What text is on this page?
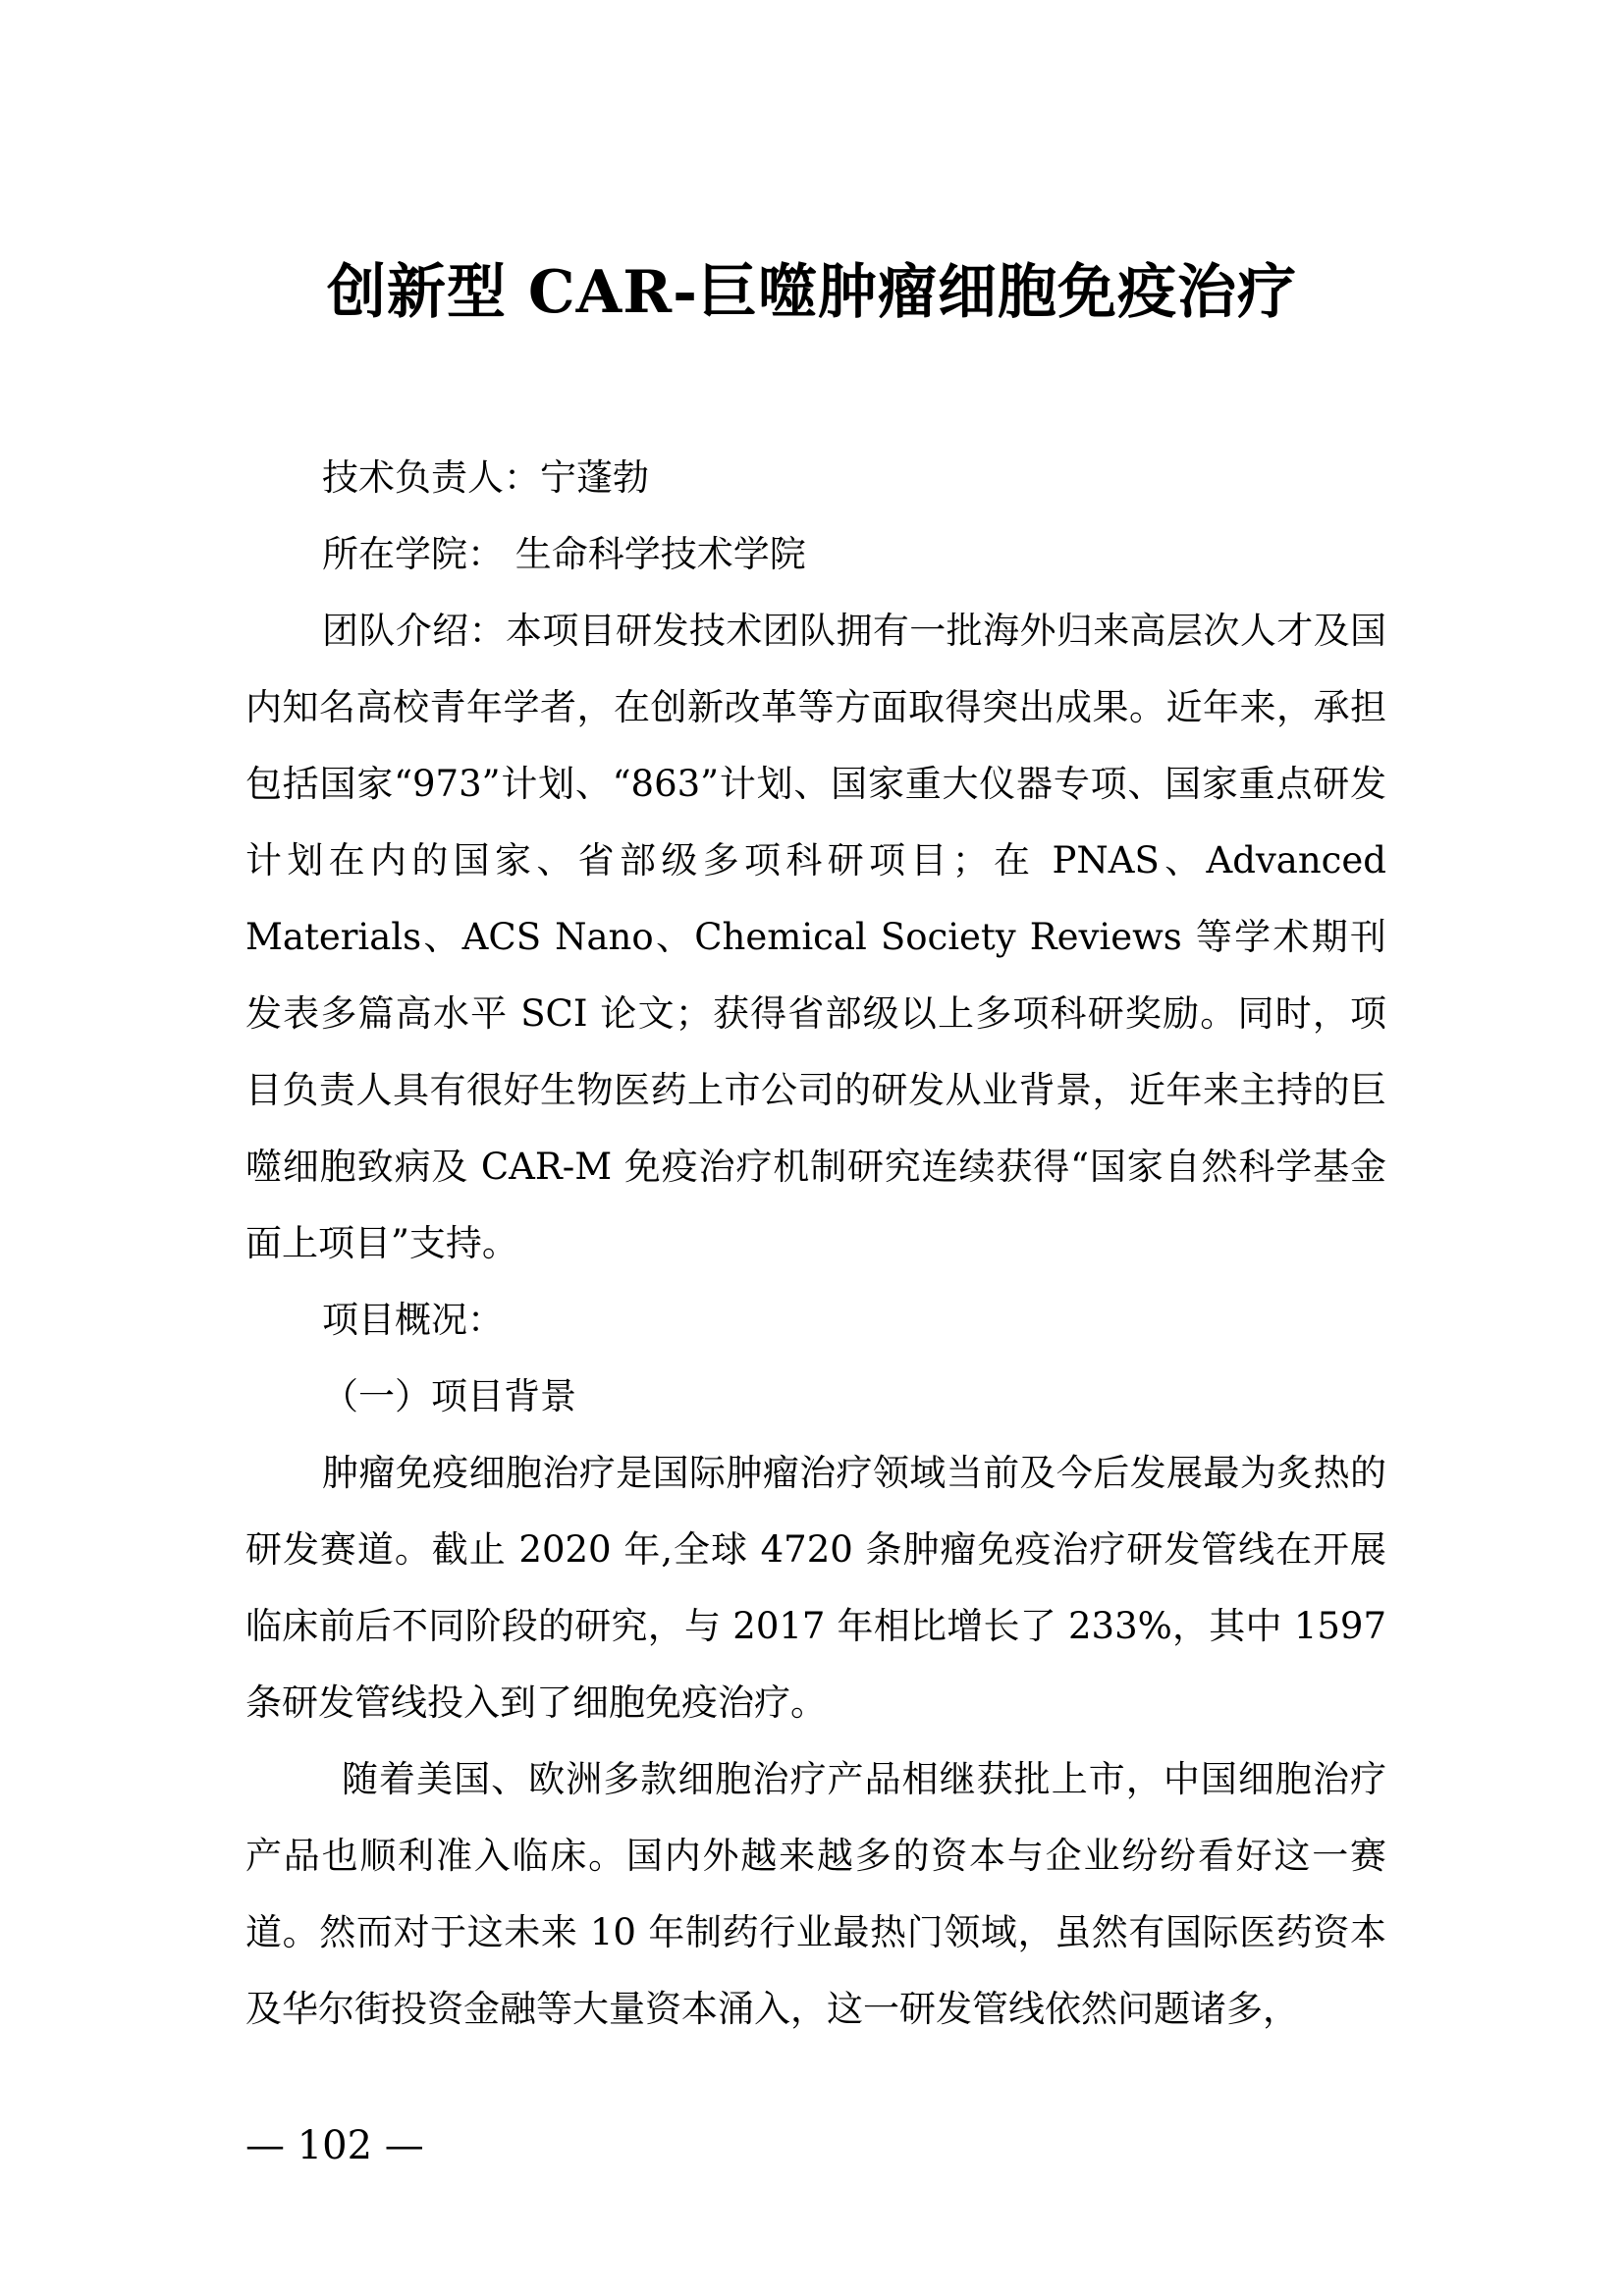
创新型 CAR-巨噬肿瘤细胞免疫治疗

技术负责人：宁蓬勃

所在学院： 生命科学技术学院

团队介绍：本项目研发技术团队拥有一批海外归来高层次人才及国内知名高校青年学者，在创新改革等方面取得突出成果。近年来，承担包括国家“973”计划、“863”计划、国家重大仪器专项、国家重点研发计划在内的国家、省部级多项科研项目；在 PNAS、Advanced Materials、ACS Nano、Chemical Society Reviews 等学术期刊发表多篇高水平 SCI 论文；获得省部级以上多项科研奖励。同时，项目负责人具有很好生物医药上市公司的研发从业背景，近年来主持的巨噬细胞致病及 CAR-M 免疫治疗机制研究连续获得“国家自然科学基金面上项目”支持。

项目概况：

（一）项目背景

肿瘤免疫细胞治疗是国际肿瘤治疗领域当前及今后发展最为炙热的研发赛道。截止 2020 年,全球 4720 条肿瘤免疫治疗研发管线在开展临床前后不同阶段的研究，与 2017 年相比增长了 233%，其中 1597 条研发管线投入到了细胞免疫治疗。

随着美国、欧洲多款细胞治疗产品相继获批上市，中国细胞治疗产品也顺利准入临床。国内外越来越多的资本与企业纷纷看好这一赛道。然而对于这未来 10 年制药行业最热门领域，虽然有国际医药资本及华尔街投资金融等大量资本涌入，这一研发管线依然问题诸多，

— 102 —
